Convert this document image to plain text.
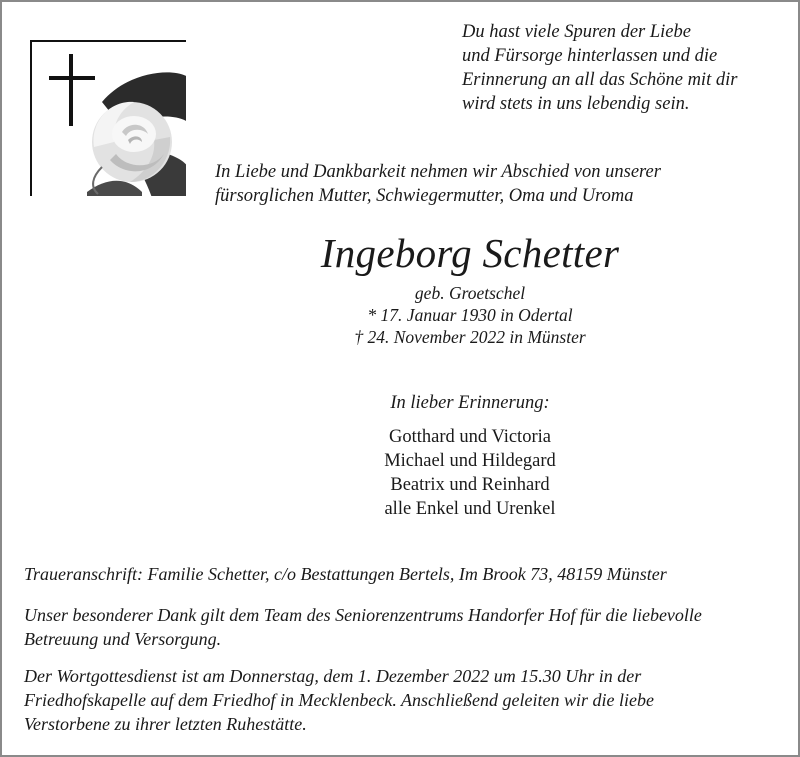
Du hast viele Spuren der Liebe
und Fürsorge hinterlassen und die
Erinnerung an all das Schöne mit dir
wird stets in uns lebendig sein.
In Liebe und Dankbarkeit nehmen wir Abschied von unserer
fürsorglichen Mutter, Schwiegermutter, Oma und Uroma
Ingeborg Schetter
geb. Groetschel
* 17. Januar 1930 in Odertal
† 24. November 2022 in Münster
In lieber Erinnerung:
Gotthard und Victoria
Michael und Hildegard
Beatrix und Reinhard
alle Enkel und Urenkel
Traueranschrift: Familie Schetter, c/o Bestattungen Bertels, Im Brook 73, 48159 Münster
Unser besonderer Dank gilt dem Team des Seniorenzentrums Handorfer Hof für die liebevolle
Betreuung und Versorgung.
Der Wortgottesdienst ist am Donnerstag, dem 1. Dezember 2022 um 15.30 Uhr in der
Friedhofskapelle auf dem Friedhof in Mecklenbeck. Anschließend geleiten wir die liebe
Verstorbene zu ihrer letzten Ruhestätte.
